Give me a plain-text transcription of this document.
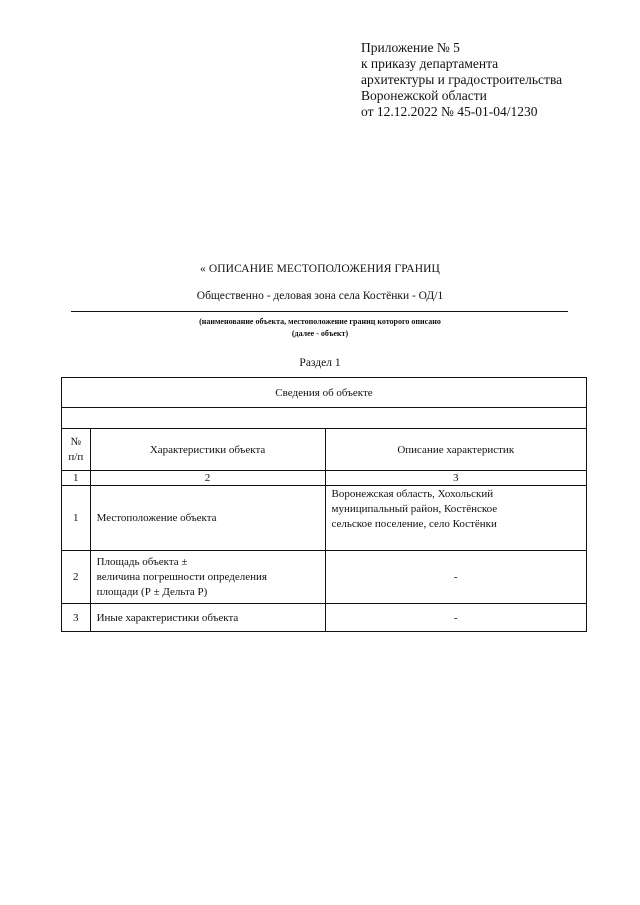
Приложение № 5
к приказу департамента
архитектуры и градостроительства
Воронежской области
от 12.12.2022 № 45-01-04/1230
« ОПИСАНИЕ МЕСТОПОЛОЖЕНИЯ ГРАНИЦ
Общественно - деловая зона села Костёнки - ОД/1
(наименование объекта, местоположение границ которого описано
(далее - объект)
Раздел 1
Сведения об объекте		

№
п/п	Характеристики объекта	Описание характеристик
1	2	3
1	Местоположение объекта	Воронежская область, Хохольский
муниципальный район, Костёнское
сельское поселение, село Костёнки

2	Площадь объекта ±
величина погрешности определения
площади (Р ± Дельта Р)	-
3	Иные характеристики объекта	-
